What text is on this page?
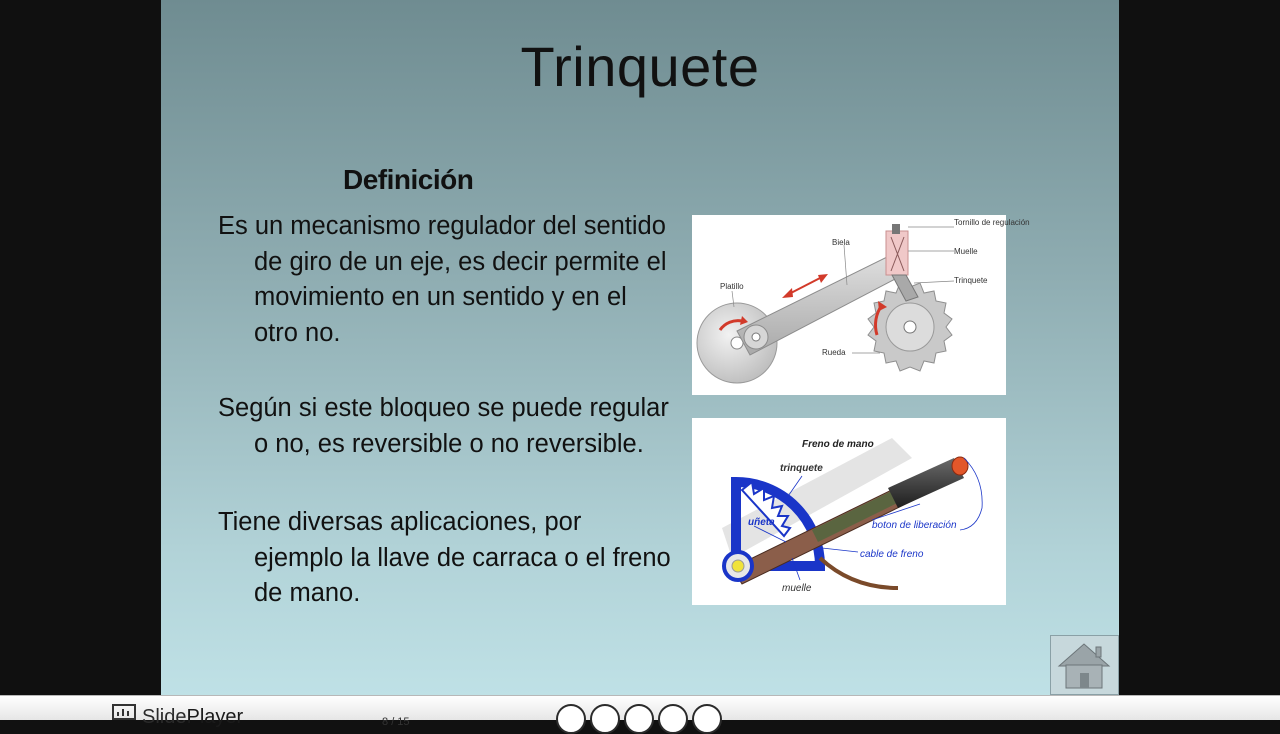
Trinquete
Definición
Es un mecanismo regulador del sentido de giro de un eje, es decir permite el movimiento en un sentido y en el otro no.
Según si este bloqueo se puede regular o no, es reversible o no reversible.
Tiene diversas aplicaciones, por ejemplo la llave de carraca o el freno de mano.
Tornillo de regulación
Muelle
Biela
Trinquete
Platillo
Rueda
Freno de mano
trinquete
uñeta	boton de liberación
cable de freno
muelle
SlidePlayer	8 / 15
